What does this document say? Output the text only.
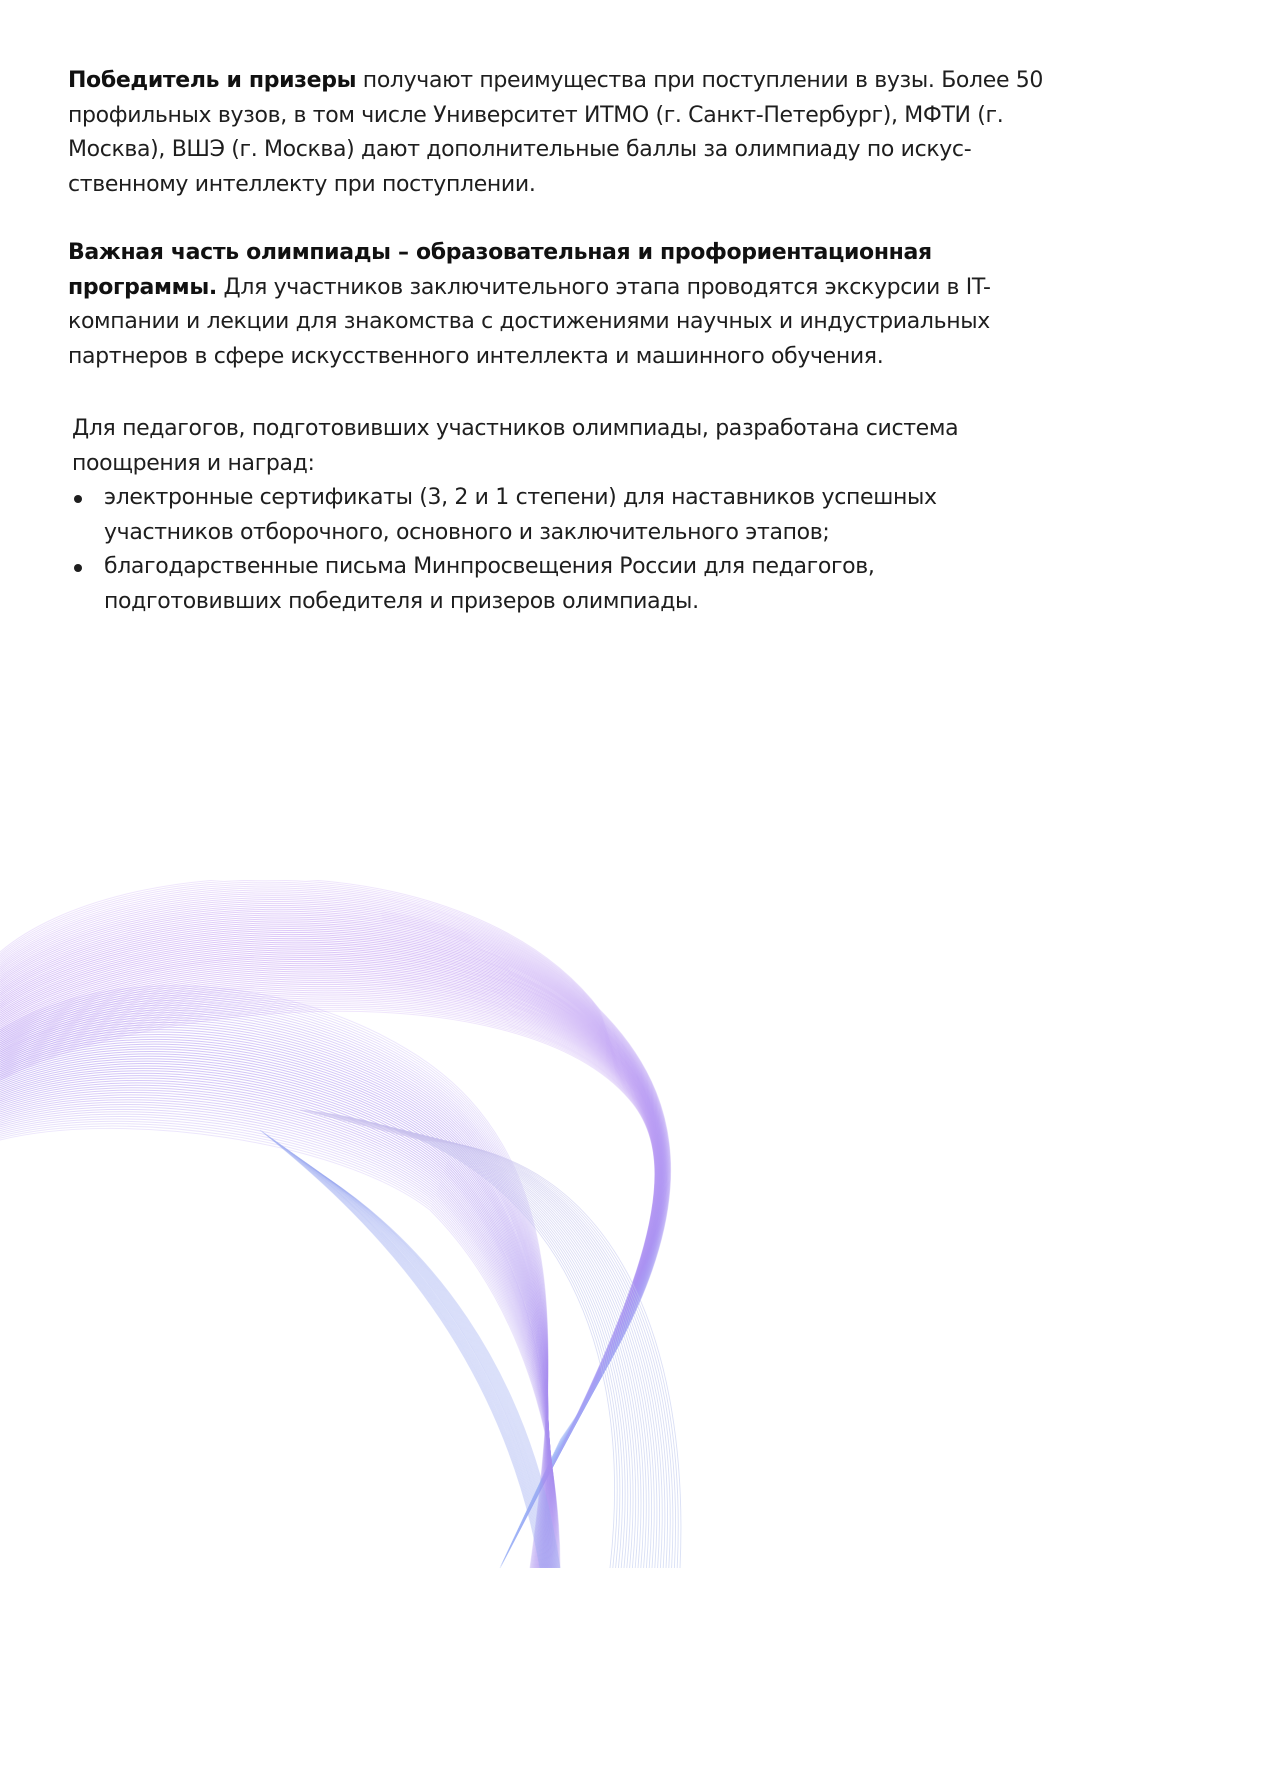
Победитель и призеры получают преимущества при поступлении в вузы. Более 50 профильных вузов, в том числе Университет ИТМО (г. Санкт-Петербург), МФТИ (г. Москва), ВШЭ (г. Москва) дают дополнительные баллы за олимпиаду по искусственному интеллекту при поступлении.

Важная часть олимпиады – образовательная и профориентационная программы. Для участников заключительного этапа проводятся экскурсии в IT-компании и лекции для знакомства с достижениями научных и индустриальных партнеров в сфере искусственного интеллекта и машинного обучения.

Для педагогов, подготовивших участников олимпиады, разработана система поощрения и наград:
электронные сертификаты (3, 2 и 1 степени) для наставников успешных участников отборочного, основного и заключительного этапов;
благодарственные письма Минпросвещения России для педагогов, подготовивших победителя и призеров олимпиады.
